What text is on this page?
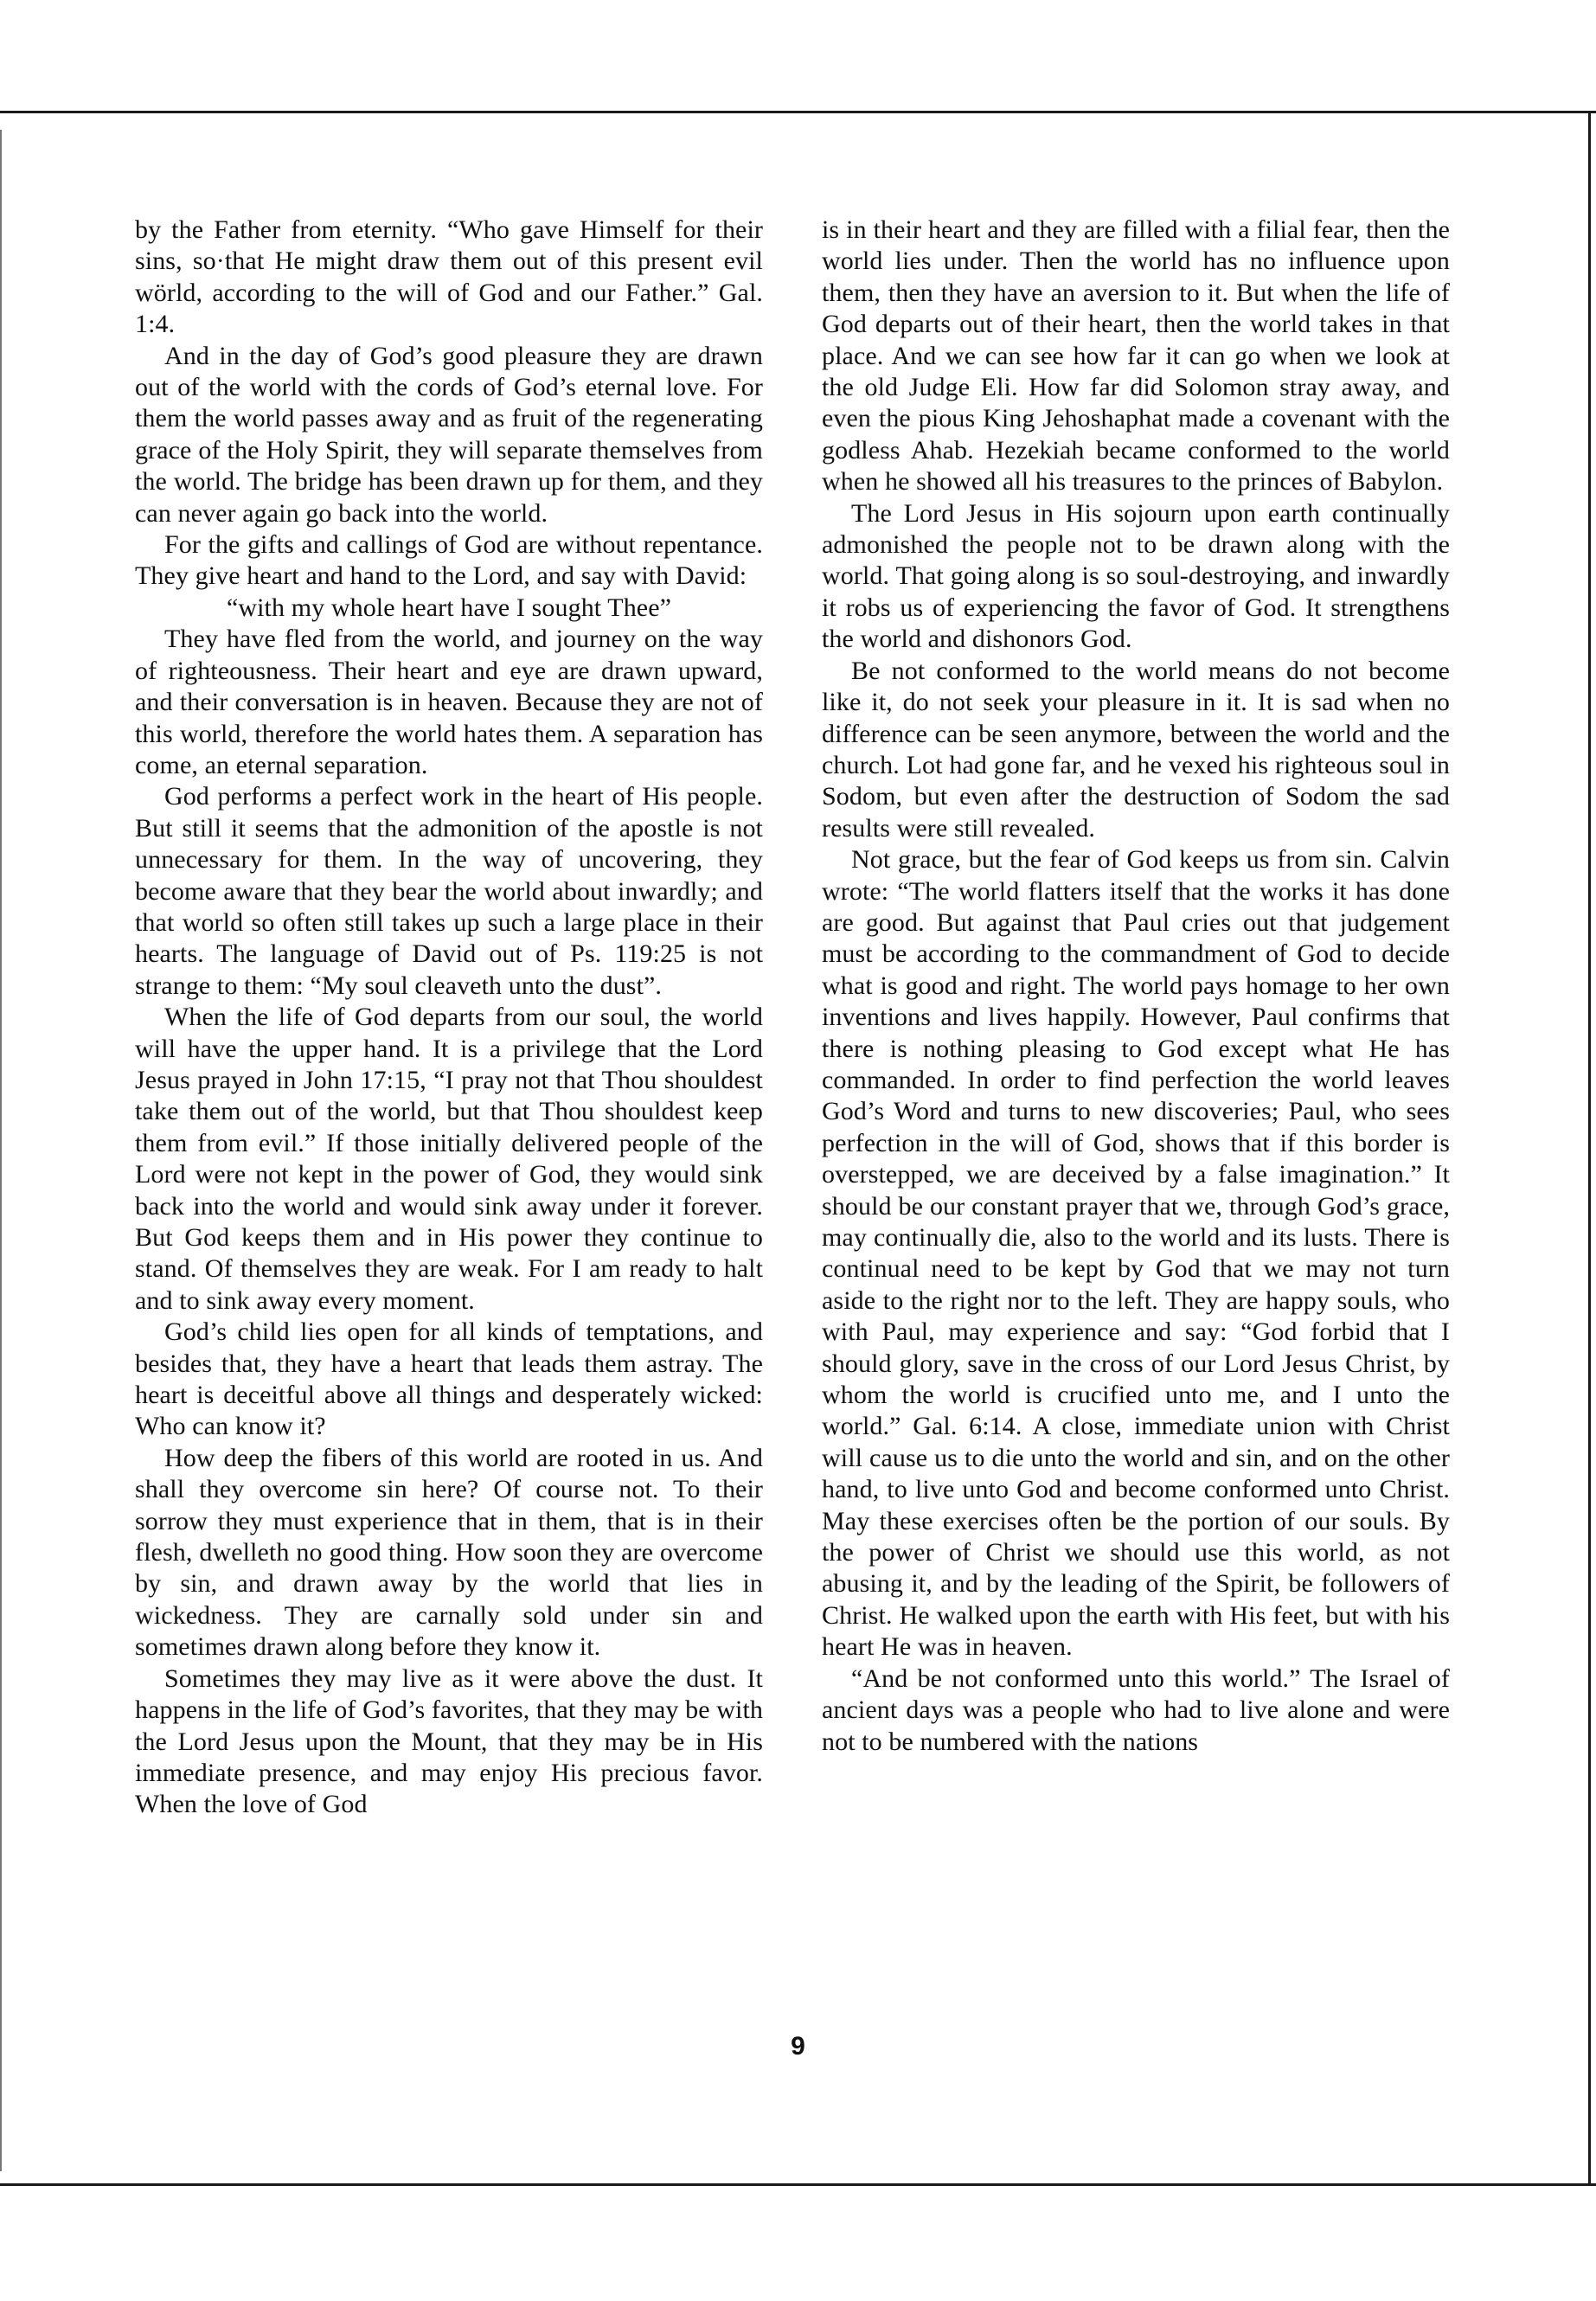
by the Father from eternity. “Who gave Himself for their sins, so·that He might draw them out of this present evil wörld, according to the will of God and our Father.” Gal. 1:4.

And in the day of God’s good pleasure they are drawn out of the world with the cords of God’s eternal love. For them the world passes away and as fruit of the regenerating grace of the Holy Spirit, they will separate themselves from the world. The bridge has been drawn up for them, and they can never again go back into the world.

For the gifts and callings of God are without repentance. They give heart and hand to the Lord, and say with David:

“with my whole heart have I sought Thee”

They have fled from the world, and journey on the way of righteousness. Their heart and eye are drawn upward, and their conversation is in heaven. Because they are not of this world, therefore the world hates them. A separation has come, an eternal separation.

God performs a perfect work in the heart of His people. But still it seems that the admonition of the apostle is not unnecessary for them. In the way of uncovering, they become aware that they bear the world about inwardly; and that world so often still takes up such a large place in their hearts. The language of David out of Ps. 119:25 is not strange to them: “My soul cleaveth unto the dust”.

When the life of God departs from our soul, the world will have the upper hand. It is a privilege that the Lord Jesus prayed in John 17:15, “I pray not that Thou shouldest take them out of the world, but that Thou shouldest keep them from evil.” If those initially delivered people of the Lord were not kept in the power of God, they would sink back into the world and would sink away under it forever. But God keeps them and in His power they continue to stand. Of themselves they are weak. For I am ready to halt and to sink away every moment.

God’s child lies open for all kinds of temptations, and besides that, they have a heart that leads them astray. The heart is deceitful above all things and desperately wicked: Who can know it?

How deep the fibers of this world are rooted in us. And shall they overcome sin here? Of course not. To their sorrow they must experience that in them, that is in their flesh, dwelleth no good thing. How soon they are overcome by sin, and drawn away by the world that lies in wickedness. They are carnally sold under sin and sometimes drawn along before they know it.

Sometimes they may live as it were above the dust. It happens in the life of God’s favorites, that they may be with the Lord Jesus upon the Mount, that they may be in His immediate presence, and may enjoy His precious favor. When the love of God

is in their heart and they are filled with a filial fear, then the world lies under. Then the world has no influence upon them, then they have an aversion to it. But when the life of God departs out of their heart, then the world takes in that place. And we can see how far it can go when we look at the old Judge Eli. How far did Solomon stray away, and even the pious King Jehoshaphat made a covenant with the godless Ahab. Hezekiah became conformed to the world when he showed all his treasures to the princes of Babylon.

The Lord Jesus in His sojourn upon earth continually admonished the people not to be drawn along with the world. That going along is so soul-destroying, and inwardly it robs us of experiencing the favor of God. It strengthens the world and dishonors God.

Be not conformed to the world means do not become like it, do not seek your pleasure in it. It is sad when no difference can be seen anymore, between the world and the church. Lot had gone far, and he vexed his righteous soul in Sodom, but even after the destruction of Sodom the sad results were still revealed.

Not grace, but the fear of God keeps us from sin. Calvin wrote: “The world flatters itself that the works it has done are good. But against that Paul cries out that judgement must be according to the commandment of God to decide what is good and right. The world pays homage to her own inventions and lives happily. However, Paul confirms that there is nothing pleasing to God except what He has commanded. In order to find perfection the world leaves God’s Word and turns to new discoveries; Paul, who sees perfection in the will of God, shows that if this border is overstepped, we are deceived by a false imagination.” It should be our constant prayer that we, through God’s grace, may continually die, also to the world and its lusts. There is continual need to be kept by God that we may not turn aside to the right nor to the left. They are happy souls, who with Paul, may experience and say: “God forbid that I should glory, save in the cross of our Lord Jesus Christ, by whom the world is crucified unto me, and I unto the world.” Gal. 6:14. A close, immediate union with Christ will cause us to die unto the world and sin, and on the other hand, to live unto God and become conformed unto Christ. May these exercises often be the portion of our souls. By the power of Christ we should use this world, as not abusing it, and by the leading of the Spirit, be followers of Christ. He walked upon the earth with His feet, but with his heart He was in heaven.

“And be not conformed unto this world.” The Israel of ancient days was a people who had to live alone and were not to be numbered with the nations

9
